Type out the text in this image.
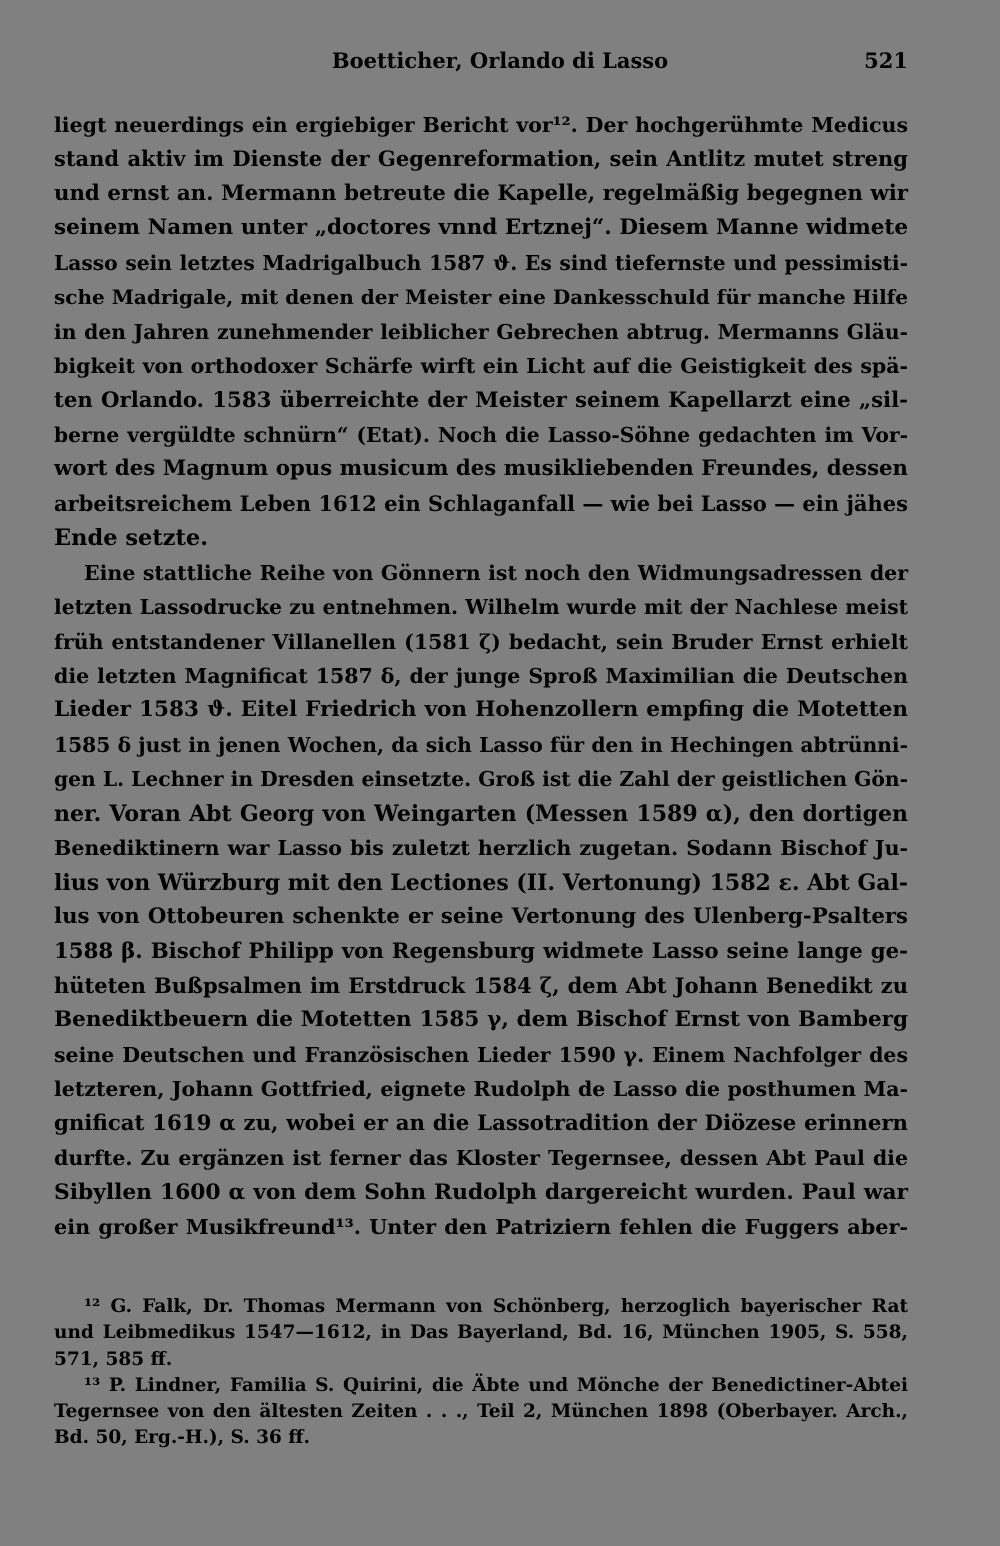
Boetticher, Orlando di Lasso	521
liegt neuerdings ein ergiebiger Bericht vor¹². Der hochgerühmte Medicus
stand aktiv im Dienste der Gegenreformation, sein Antlitz mutet streng
und ernst an. Mermann betreute die Kapelle, regelmäßig begegnen wir
seinem Namen unter „doctores vnnd Ertznej“. Diesem Manne widmete
Lasso sein letztes Madrigalbuch 1587 ϑ. Es sind tiefernste und pessimisti-
sche Madrigale, mit denen der Meister eine Dankesschuld für manche Hilfe
in den Jahren zunehmender leiblicher Gebrechen abtrug. Mermanns Gläu-
bigkeit von orthodoxer Schärfe wirft ein Licht auf die Geistigkeit des spä-
ten Orlando. 1583 überreichte der Meister seinem Kapellarzt eine „sil-
berne vergüldte schnürn“ (Etat). Noch die Lasso-Söhne gedachten im Vor-
wort des Magnum opus musicum des musikliebenden Freundes, dessen
arbeitsreichem Leben 1612 ein Schlaganfall — wie bei Lasso — ein jähes
Ende setzte.
Eine stattliche Reihe von Gönnern ist noch den Widmungsadressen der
letzten Lassodrucke zu entnehmen. Wilhelm wurde mit der Nachlese meist
früh entstandener Villanellen (1581 ζ) bedacht, sein Bruder Ernst erhielt
die letzten Magnificat 1587 δ, der junge Sproß Maximilian die Deutschen
Lieder 1583 ϑ. Eitel Friedrich von Hohenzollern empfing die Motetten
1585 δ just in jenen Wochen, da sich Lasso für den in Hechingen abtrünni-
gen L. Lechner in Dresden einsetzte. Groß ist die Zahl der geistlichen Gön-
ner. Voran Abt Georg von Weingarten (Messen 1589 α), den dortigen
Benediktinern war Lasso bis zuletzt herzlich zugetan. Sodann Bischof Ju-
lius von Würzburg mit den Lectiones (II. Vertonung) 1582 ε. Abt Gal-
lus von Ottobeuren schenkte er seine Vertonung des Ulenberg-Psalters
1588 β. Bischof Philipp von Regensburg widmete Lasso seine lange ge-
hüteten Bußpsalmen im Erstdruck 1584 ζ, dem Abt Johann Benedikt zu
Benediktbeuern die Motetten 1585 γ, dem Bischof Ernst von Bamberg
seine Deutschen und Französischen Lieder 1590 γ. Einem Nachfolger des
letzteren, Johann Gottfried, eignete Rudolph de Lasso die posthumen Ma-
gnificat 1619 α zu, wobei er an die Lassotradition der Diözese erinnern
durfte. Zu ergänzen ist ferner das Kloster Tegernsee, dessen Abt Paul die
Sibyllen 1600 α von dem Sohn Rudolph dargereicht wurden. Paul war
ein großer Musikfreund¹³. Unter den Patriziern fehlen die Fuggers aber-
¹² G. Falk, Dr. Thomas Mermann von Schönberg, herzoglich bayerischer Rat
und Leibmedikus 1547—1612, in Das Bayerland, Bd. 16, München 1905, S. 558,
571, 585 ff.
¹³ P. Lindner, Familia S. Quirini, die Äbte und Mönche der Benedictiner-Abtei
Tegernsee von den ältesten Zeiten . . ., Teil 2, München 1898 (Oberbayer. Arch.,
Bd. 50, Erg.-H.), S. 36 ff.
